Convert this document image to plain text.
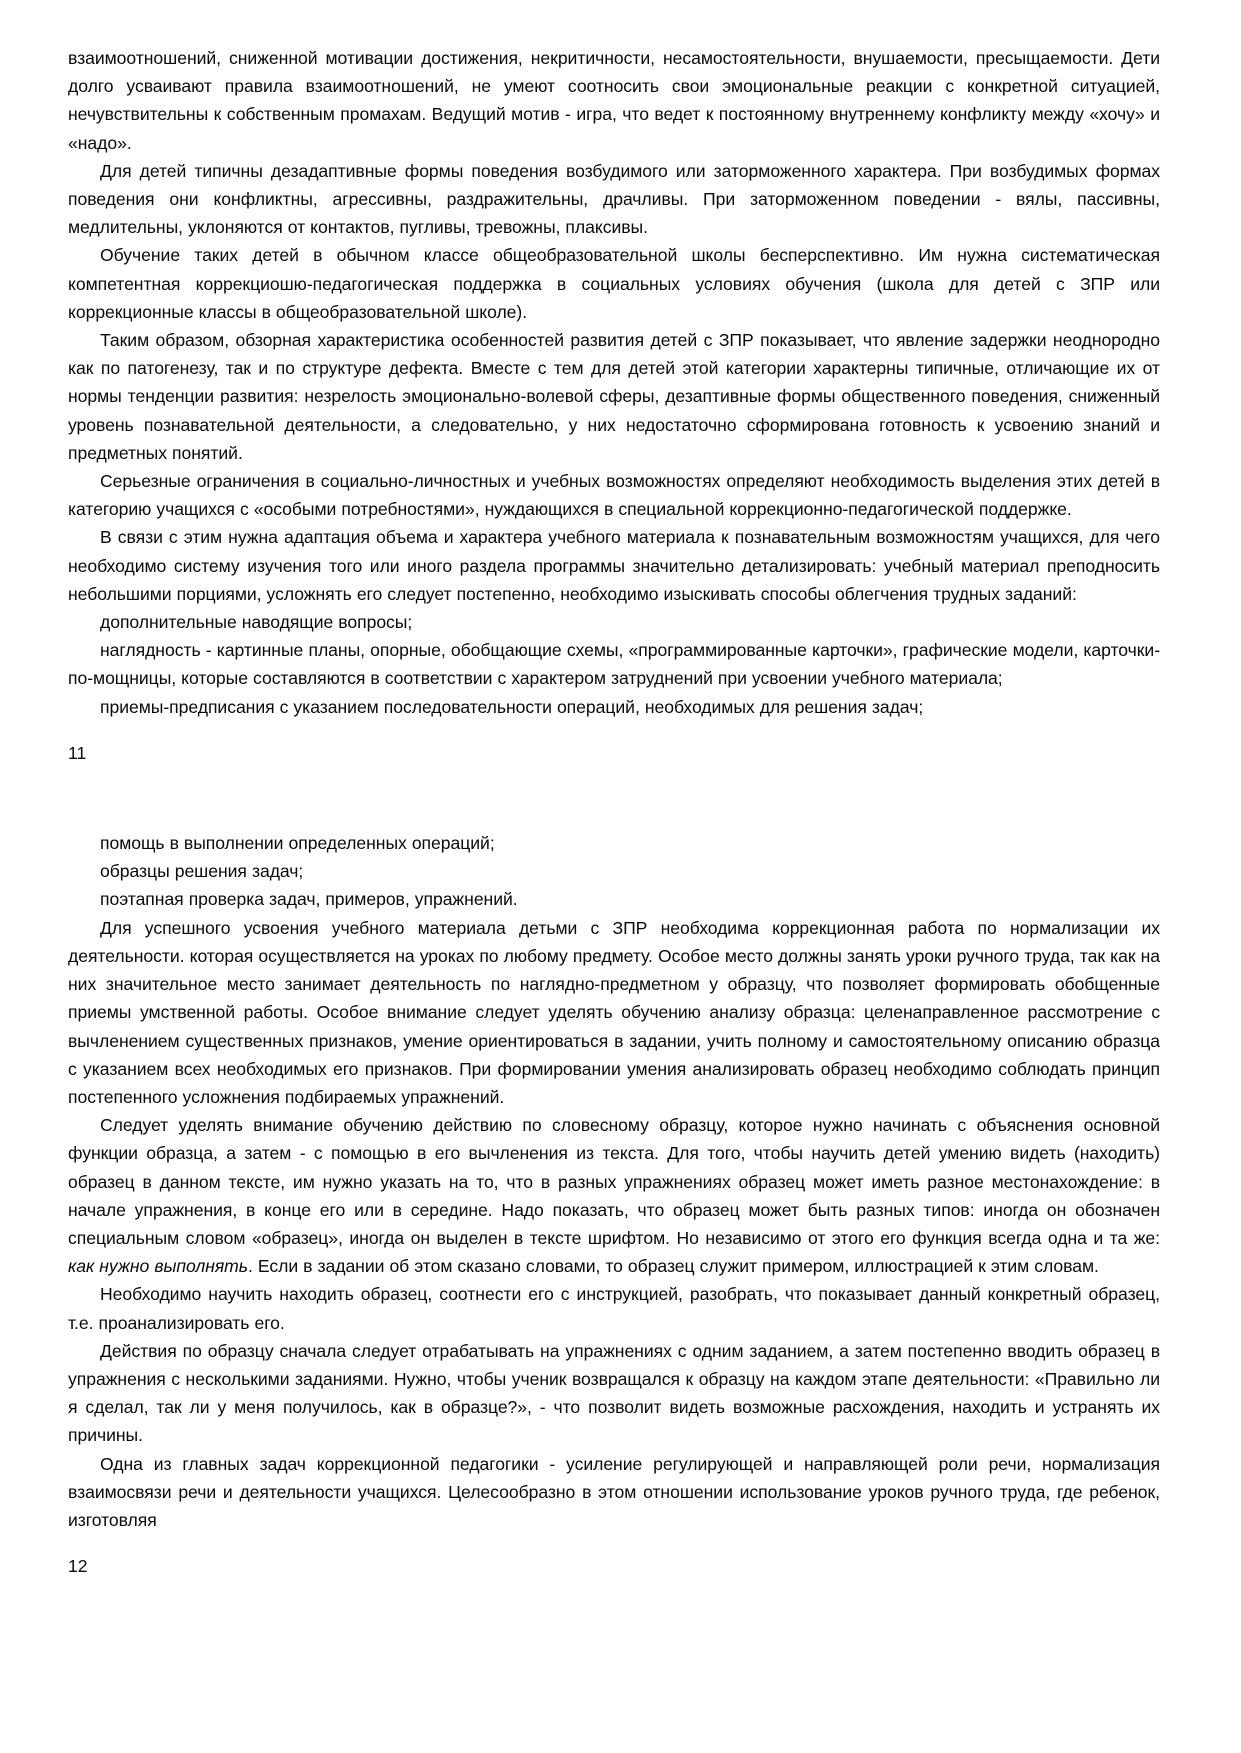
взаимоотношений, сниженной мотивации достижения, некритичности, несамостоятельности, внушаемости, пресыщаемости. Дети долго усваивают правила взаимоотношений, не умеют соотносить свои эмоциональные реакции с конкретной ситуацией, нечувствительны к собственным промахам. Ведущий мотив - игра, что ведет к постоянному внутреннему конфликту между «хочу» и «надо».

Для детей типичны дезадаптивные формы поведения возбудимого или заторможенного характера. При возбудимых формах поведения они конфликтны, агрессивны, раздражительны, драчливы. При заторможенном поведении - вялы, пассивны, медлительны, уклоняются от контактов, пугливы, тревожны, плаксивы.

Обучение таких детей в обычном классе общеобразовательной школы бесперспективно. Им нужна систематическая компетентная коррекциошю-педагогическая поддержка в социальных условиях обучения (школа для детей с ЗПР или коррекционные классы в общеобразовательной школе).

Таким образом, обзорная характеристика особенностей развития детей с ЗПР показывает, что явление задержки неоднородно как по патогенезу, так и по структуре дефекта. Вместе с тем для детей этой категории характерны типичные, отличающие их от нормы тенденции развития: незрелость эмоционально-волевой сферы, дезаптивные формы общественного поведения, сниженный уровень познавательной деятельности, а следовательно, у них недостаточно сформирована готовность к усвоению знаний и предметных понятий.

Серьезные ограничения в социально-личностных и учебных возможностях определяют необходимость выделения этих детей в категорию учащихся с «особыми потребностями», нуждающихся в специальной коррекционно-педагогической поддержке.

В связи с этим нужна адаптация объема и характера учебного материала к познавательным возможностям учащихся, для чего необходимо систему изучения того или иного раздела программы значительно детализировать: учебный материал преподносить небольшими порциями, усложнять его следует постепенно, необходимо изыскивать способы облегчения трудных заданий:

дополнительные наводящие вопросы;

наглядность - картинные планы, опорные, обобщающие схемы, «программированные карточки», графические модели, карточки-по-мощницы, которые составляются в соответствии с характером затруднений при усвоении учебного материала;

приемы-предписания с указанием последовательности операций, необходимых для решения задач;

11

помощь в выполнении определенных операций;

образцы решения задач;

поэтапная проверка задач, примеров, упражнений.

Для успешного усвоения учебного материала детьми с ЗПР необходима коррекционная работа по нормализации их деятельности. которая осуществляется на уроках по любому предмету. Особое место должны занять уроки ручного труда, так как на них значительное место занимает деятельность по наглядно-предметном у образцу, что позволяет формировать обобщенные приемы умственной работы. Особое внимание следует уделять обучению анализу образца: целенаправленное рассмотрение с вычленением существенных признаков, умение ориентироваться в задании, учить полному и самостоятельному описанию образца с указанием всех необходимых его признаков. При формировании умения анализировать образец необходимо соблюдать принцип постепенного усложнения подбираемых упражнений.

Следует уделять внимание обучению действию по словесному образцу, которое нужно начинать с объяснения основной функции образца, а затем - с помощью в его вычленения из текста. Для того, чтобы научить детей умению видеть (находить) образец в данном тексте, им нужно указать на то, что в разных упражнениях образец может иметь разное местонахождение: в начале упражнения, в конце его или в середине. Надо показать, что образец может быть разных типов: иногда он обозначен специальным словом «образец», иногда он выделен в тексте шрифтом. Но независимо от этого его функция всегда одна и та же: как нужно выполнять. Если в задании об этом сказано словами, то образец служит примером, иллюстрацией к этим словам.

Необходимо научить находить образец, соотнести его с инструкцией, разобрать, что показывает данный конкретный образец, т.е. проанализировать его.

Действия по образцу сначала следует отрабатывать на упражнениях с одним заданием, а затем постепенно вводить образец в упражнения с несколькими заданиями. Нужно, чтобы ученик возвращался к образцу на каждом этапе деятельности: «Правильно ли я сделал, так ли у меня получилось, как в образце?», - что позволит видеть возможные расхождения, находить и устранять их причины.

Одна из главных задач коррекционной педагогики - усиление регулирующей и направляющей роли речи, нормализация взаимосвязи речи и деятельности учащихся. Целесообразно в этом отношении использование уроков ручного труда, где ребенок, изготовляя

12
